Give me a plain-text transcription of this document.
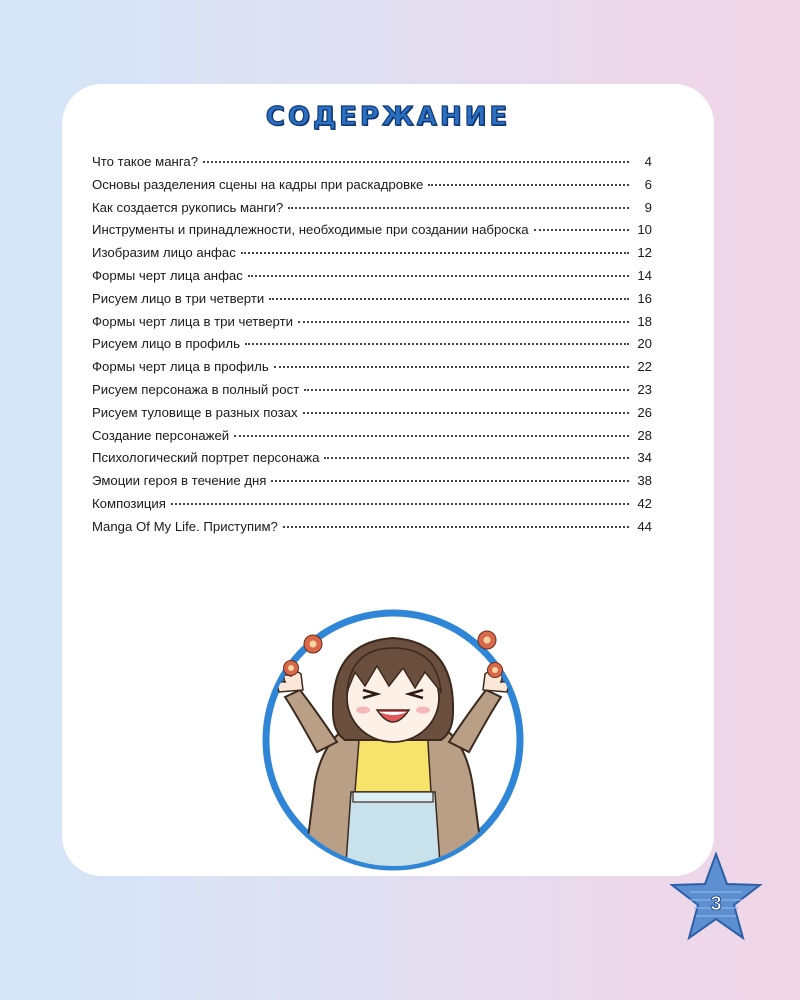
СОДЕРЖАНИЕ
Что такое манга?	4
Основы разделения сцены на кадры при раскадровке	6
Как создается рукопись манги?	9
Инструменты и принадлежности, необходимые при создании наброска	10
Изобразим лицо анфас	12
Формы черт лица анфас	14
Рисуем лицо в три четверти	16
Формы черт лица в три четверти	18
Рисуем лицо в профиль	20
Формы черт лица в профиль	22
Рисуем персонажа в полный рост	23
Рисуем туловище в разных позах	26
Создание персонажей	28
Психологический портрет персонажа	34
Эмоции героя в течение дня	38
Композиция	42
Manga Of My Life. Приступим?	44
3
